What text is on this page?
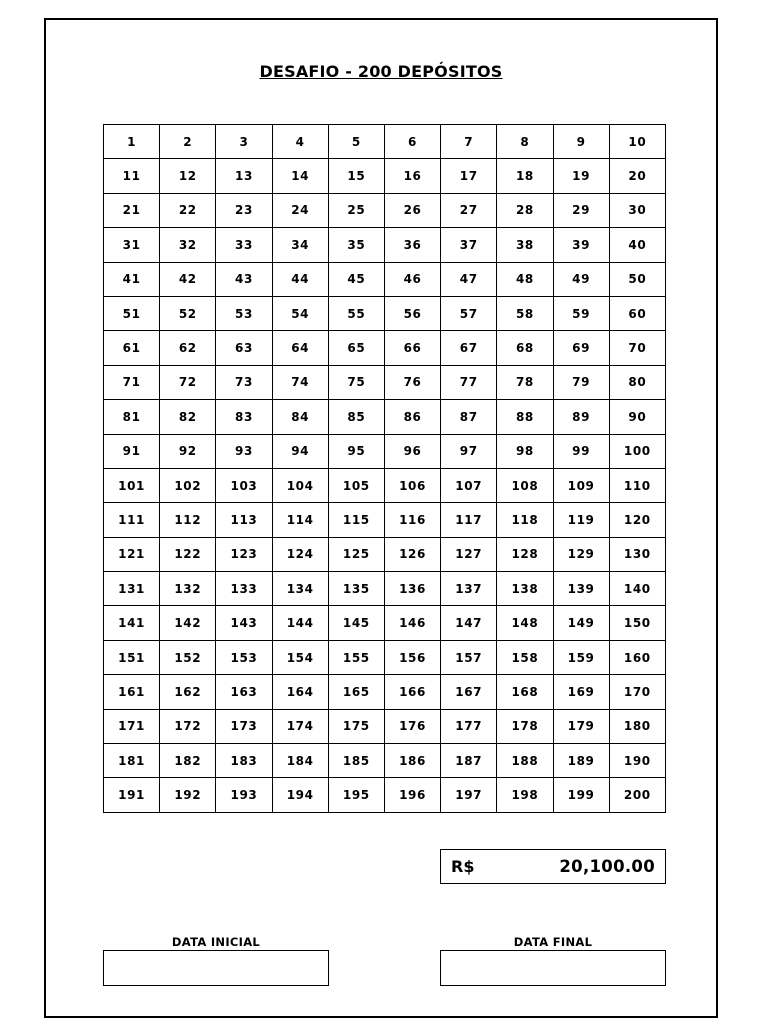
DESAFIO - 200 DEPÓSITOS
1	2	3	4	5	6	7	8	9	10
11	12	13	14	15	16	17	18	19	20
21	22	23	24	25	26	27	28	29	30
31	32	33	34	35	36	37	38	39	40
41	42	43	44	45	46	47	48	49	50
51	52	53	54	55	56	57	58	59	60
61	62	63	64	65	66	67	68	69	70
71	72	73	74	75	76	77	78	79	80
81	82	83	84	85	86	87	88	89	90
91	92	93	94	95	96	97	98	99	100
101	102	103	104	105	106	107	108	109	110
111	112	113	114	115	116	117	118	119	120
121	122	123	124	125	126	127	128	129	130
131	132	133	134	135	136	137	138	139	140
141	142	143	144	145	146	147	148	149	150
151	152	153	154	155	156	157	158	159	160
161	162	163	164	165	166	167	168	169	170
171	172	173	174	175	176	177	178	179	180
181	182	183	184	185	186	187	188	189	190
191	192	193	194	195	196	197	198	199	200
R$	20,100.00
DATA INICIAL	DATA FINAL
